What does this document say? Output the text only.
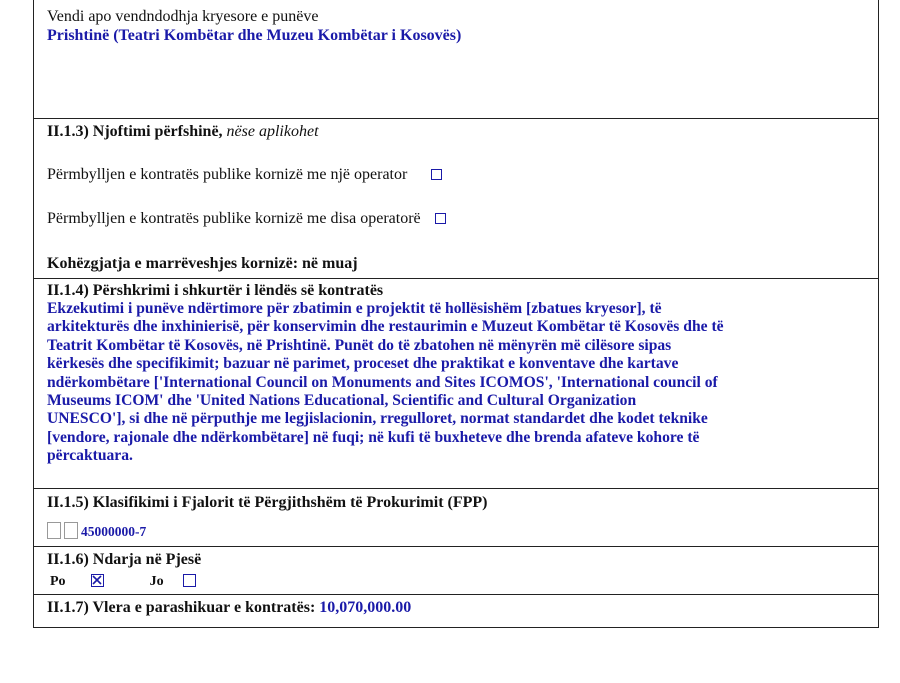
Vendi apo vendndodhja kryesore e punëve
Prishtinë (Teatri Kombëtar dhe Muzeu Kombëtar i Kosovës)
II.1.3) Njoftimi përfshinë, nëse aplikohet
Përmbylljen e kontratës publike kornizë me një operator
Përmbylljen e kontratës publike kornizë me disa operatorë
Kohëzgjatja e marrëveshjes kornizë: në muaj
II.1.4) Përshkrimi i shkurtër i lëndës së kontratës
Ekzekutimi i punëve ndërtimore për zbatimin e projektit të hollësishëm [zbatues kryesor], të
arkitekturës dhe inxhinierisë, për konservimin dhe restaurimin e Muzeut Kombëtar të Kosovës dhe të
Teatrit Kombëtar të Kosovës, në Prishtinë. Punët do të zbatohen në mënyrën më cilësore sipas
kërkesës dhe specifikimit; bazuar në parimet, proceset dhe praktikat e konventave dhe kartave
ndërkombëtare ['International Council on Monuments and Sites ICOMOS', 'International council of
Museums ICOM' dhe 'United Nations Educational, Scientific and Cultural Organization
UNESCO'], si dhe në përputhje me legjislacionin, rregulloret, normat standardet dhe kodet teknike
[vendore, rajonale dhe ndërkombëtare] në fuqi; në kufi të buxheteve dhe brenda afateve kohore të
përcaktuara.
II.1.5) Klasifikimi i Fjalorit të Përgjithshëm të Prokurimit (FPP)
45000000-7
II.1.6) Ndarja në Pjesë
Po	Jo
II.1.7) Vlera e parashikuar e kontratës: 10,070,000.00
